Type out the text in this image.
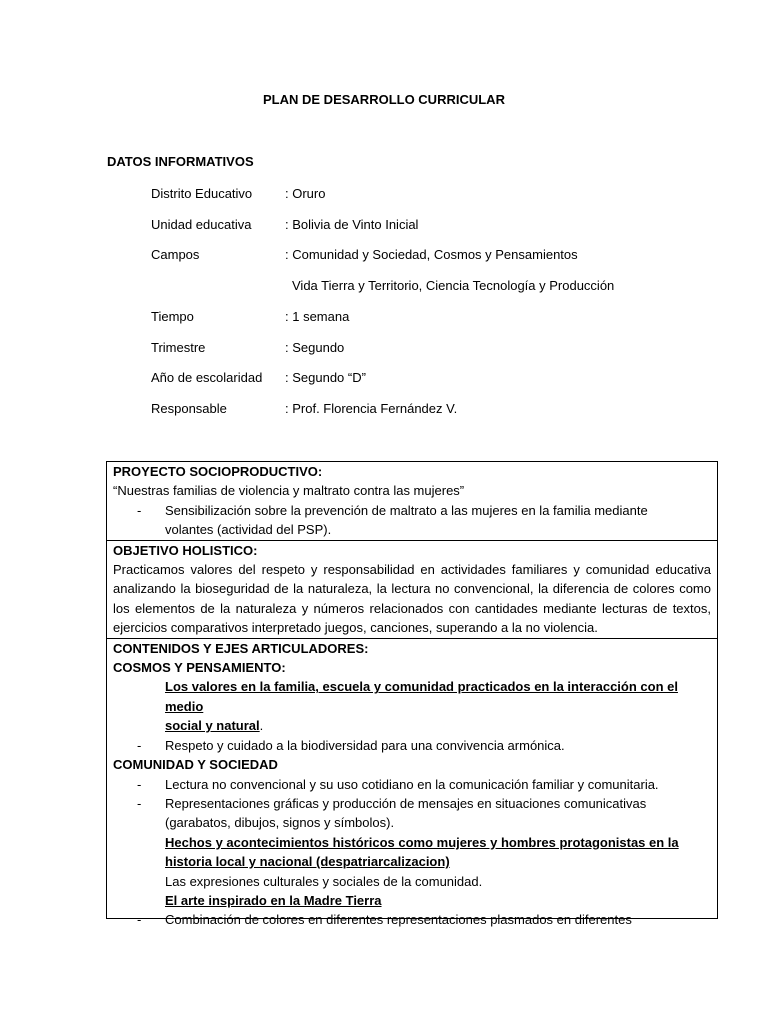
PLAN DE DESARROLLO CURRICULAR
DATOS INFORMATIVOS
Distrito Educativo	: Oruro
Unidad educativa	: Bolivia de Vinto Inicial
Campos	: Comunidad y Sociedad, Cosmos y Pensamientos
Vida Tierra y Territorio, Ciencia Tecnología y Producción
Tiempo	: 1 semana
Trimestre	: Segundo
Año de escolaridad	: Segundo “D”
Responsable	: Prof. Florencia Fernández V.
PROYECTO SOCIOPRODUCTIVO:
“Nuestras familias de violencia y maltrato contra las mujeres”
-	Sensibilización sobre la prevención de maltrato a las mujeres en la familia mediante
volantes (actividad del PSP).
OBJETIVO HOLISTICO:
Practicamos valores del respeto y responsabilidad en actividades familiares y comunidad educativa analizando la bioseguridad de la naturaleza, la lectura no convencional, la diferencia de colores como los elementos de la naturaleza y números relacionados con cantidades mediante lecturas de textos, ejercicios comparativos interpretado juegos, canciones, superando a la no violencia.
CONTENIDOS Y EJES ARTICULADORES:
COSMOS Y PENSAMIENTO:
Los valores en la familia, escuela y comunidad practicados en la interacción con el medio
social y natural.
-	Respeto y cuidado a la biodiversidad para una convivencia armónica.
COMUNIDAD Y SOCIEDAD
-	Lectura no convencional y su uso cotidiano en la comunicación familiar y comunitaria.
-	Representaciones gráficas y producción de mensajes en situaciones comunicativas
(garabatos, dibujos, signos y símbolos).
Hechos y acontecimientos históricos como mujeres y hombres protagonistas en la
historia local y nacional (despatriarcalizacion)
Las expresiones culturales y sociales de la comunidad.
El arte inspirado en la Madre Tierra
-	Combinación de colores en diferentes representaciones plasmados en diferentes
